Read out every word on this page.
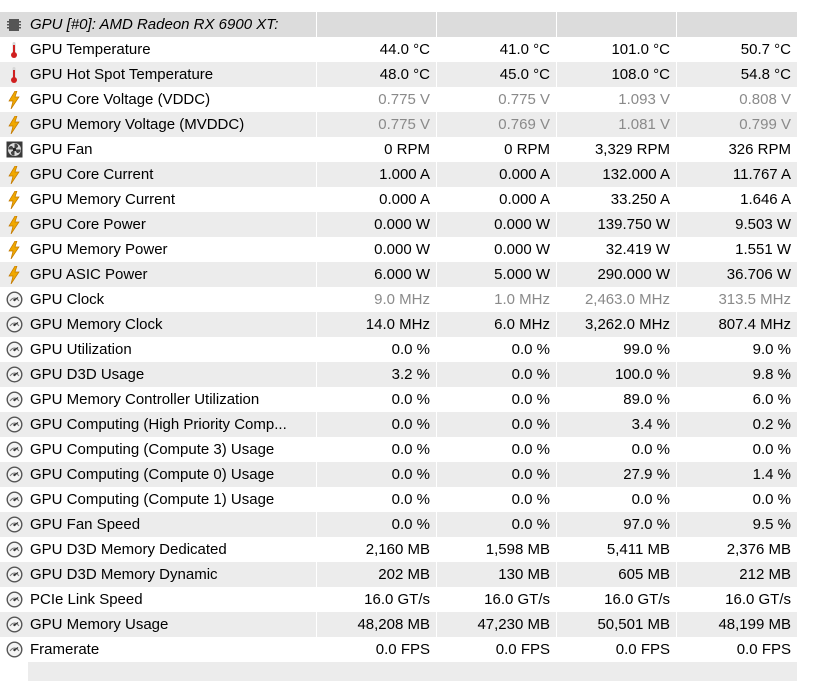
GPU [#0]: AMD Radeon RX 6900 XT:
GPU Temperature	44.0 °C	41.0 °C	101.0 °C	50.7 °C
GPU Hot Spot Temperature	48.0 °C	45.0 °C	108.0 °C	54.8 °C
GPU Core Voltage (VDDC)	0.775 V	0.775 V	1.093 V	0.808 V
GPU Memory Voltage (MVDDC)	0.775 V	0.769 V	1.081 V	0.799 V
GPU Fan	0 RPM	0 RPM	3,329 RPM	326 RPM
GPU Core Current	1.000 A	0.000 A	132.000 A	11.767 A
GPU Memory Current	0.000 A	0.000 A	33.250 A	1.646 A
GPU Core Power	0.000 W	0.000 W	139.750 W	9.503 W
GPU Memory Power	0.000 W	0.000 W	32.419 W	1.551 W
GPU ASIC Power	6.000 W	5.000 W	290.000 W	36.706 W
GPU Clock	9.0 MHz	1.0 MHz	2,463.0 MHz	313.5 MHz
GPU Memory Clock	14.0 MHz	6.0 MHz	3,262.0 MHz	807.4 MHz
GPU Utilization	0.0 %	0.0 %	99.0 %	9.0 %
GPU D3D Usage	3.2 %	0.0 %	100.0 %	9.8 %
GPU Memory Controller Utilization	0.0 %	0.0 %	89.0 %	6.0 %
GPU Computing (High Priority Comp...	0.0 %	0.0 %	3.4 %	0.2 %
GPU Computing (Compute 3) Usage	0.0 %	0.0 %	0.0 %	0.0 %
GPU Computing (Compute 0) Usage	0.0 %	0.0 %	27.9 %	1.4 %
GPU Computing (Compute 1) Usage	0.0 %	0.0 %	0.0 %	0.0 %
GPU Fan Speed	0.0 %	0.0 %	97.0 %	9.5 %
GPU D3D Memory Dedicated	2,160 MB	1,598 MB	5,411 MB	2,376 MB
GPU D3D Memory Dynamic	202 MB	130 MB	605 MB	212 MB
PCIe Link Speed	16.0 GT/s	16.0 GT/s	16.0 GT/s	16.0 GT/s
GPU Memory Usage	48,208 MB	47,230 MB	50,501 MB	48,199 MB
Framerate	0.0 FPS	0.0 FPS	0.0 FPS	0.0 FPS
